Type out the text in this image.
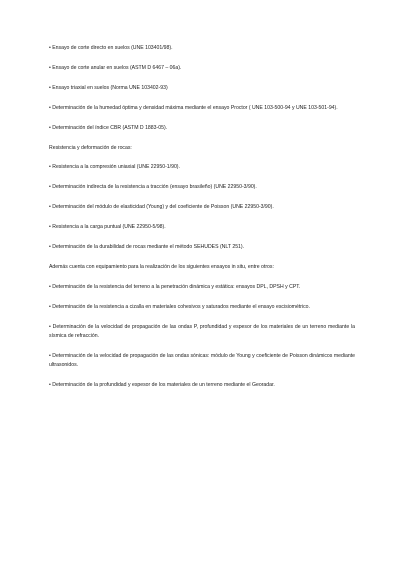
• Ensayo de corte directo en suelos (UNE 103401/98).

• Ensayo de corte anular en suelos (ASTM D 6467 – 06a).

• Ensayo triaxial en suelos (Norma UNE 103402-93)

• Determinación de la humedad óptima y densidad máxima mediante el ensayo Proctor ( UNE 103-500-94 y UNE 103-501-94).

• Determinación del índice CBR (ASTM D 1883-05).

Resistencia y deformación de rocas:

• Resistencia a la compresión uniaxial (UNE 22950-1/90).

• Determinación indirecta de la resistencia a tracción (ensayo brasileño) (UNE 22950-3/90).

• Determinación del módulo de elasticidad (Young) y del coeficiente de Poisson (UNE 22950-3/90).

• Resistencia a la carga puntual (UNE 22950-5/98).

• Determinación de la durabilidad de rocas mediante el método SEHUDES (NLT 251).

Además cuenta con equipamiento para la realización de los siguientes ensayos in situ, entre otros:

• Determinación de la resistencia del terreno a la penetración dinámica y estática: ensayos DPL, DPSH y CPT.

• Determinación de la resistencia a cizalla en materiales cohesivos y saturados mediante el ensayo escisiométrico.

• Determinación de la velocidad de propagación de las ondas P, profundidad y espesor de los materiales de un terreno mediante la sísmica de refracción.

• Determinación de la velocidad de propagación de las ondas sónicas: módulo de Young y coeficiente de Poisson dinámicos mediante ultrasonidos.

• Determinación de la profundidad y espesor de los materiales de un terreno mediante el Georadar.
